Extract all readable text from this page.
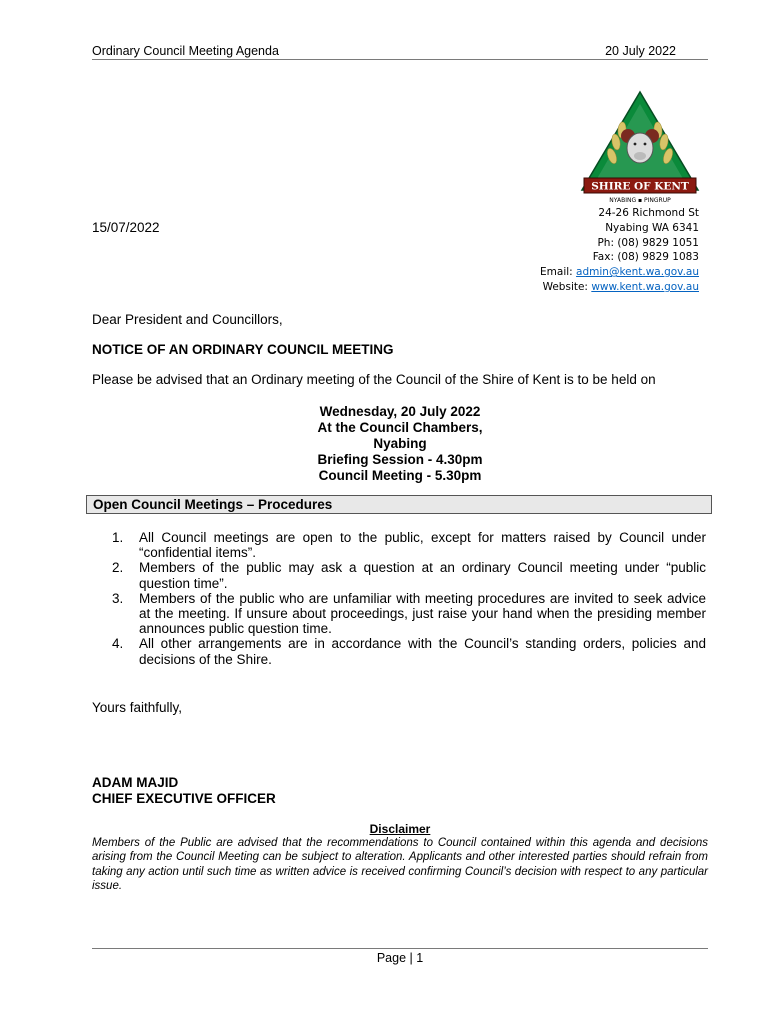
Ordinary Council Meeting Agenda	20 July 2022
SHIRE OF KENT
NYABING ▪ PINGRUP
15/07/2022
24-26 Richmond St
Nyabing WA 6341
Ph: (08) 9829 1051
Fax: (08) 9829 1083
Email: admin@kent.wa.gov.au
Website: www.kent.wa.gov.au
Dear President and Councillors,
NOTICE OF AN ORDINARY COUNCIL MEETING
Please be advised that an Ordinary meeting of the Council of the Shire of Kent is to be held on
Wednesday, 20 July 2022
At the Council Chambers,
Nyabing
Briefing Session - 4.30pm
Council Meeting - 5.30pm
Open Council Meetings – Procedures
1. All Council meetings are open to the public, except for matters raised by Council under “confidential items”.
2. Members of the public may ask a question at an ordinary Council meeting under “public question time”.
3. Members of the public who are unfamiliar with meeting procedures are invited to seek advice at the meeting. If unsure about proceedings, just raise your hand when the presiding member announces public question time.
4. All other arrangements are in accordance with the Council’s standing orders, policies and decisions of the Shire.
Yours faithfully,
ADAM MAJID
CHIEF EXECUTIVE OFFICER
Disclaimer
Members of the Public are advised that the recommendations to Council contained within this agenda and decisions arising from the Council Meeting can be subject to alteration. Applicants and other interested parties should refrain from taking any action until such time as written advice is received confirming Council’s decision with respect to any particular issue.
Page | 1
